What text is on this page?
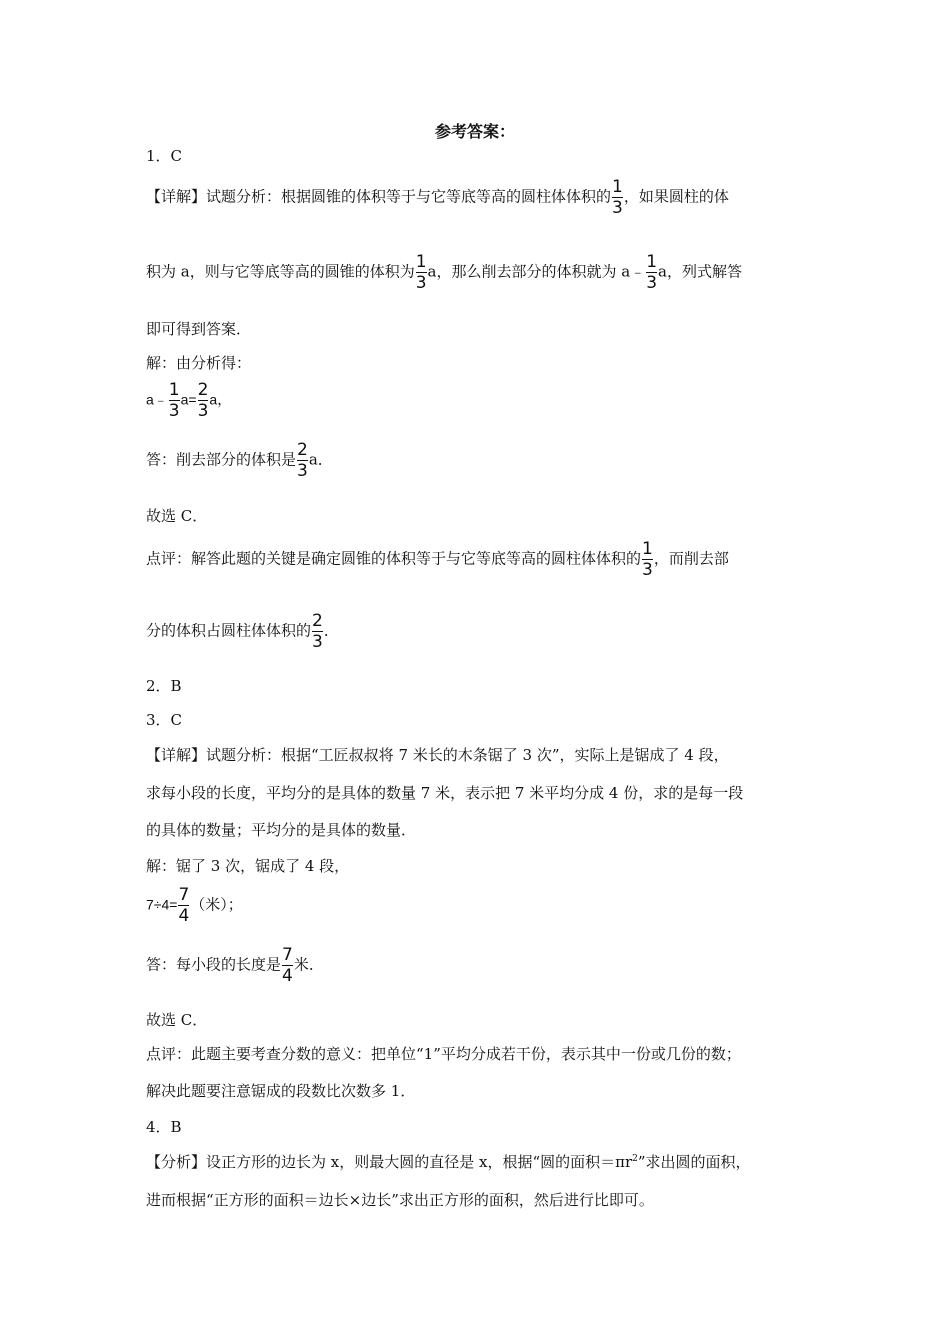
参考答案：
1．C
【详解】试题分析：根据圆锥的体积等于与它等底等高的圆柱体体积的 $\frac{1}{3}$ ，如果圆柱的体
积为 a，则与它等底等高的圆锥的体积为 $\frac{1}{3}$ a，那么削去部分的体积就为 a﹣ $\frac{1}{3}$ a，列式解答
即可得到答案．
解：由分析得：
a﹣ $\frac{1}{3} a= \frac{2}{3}$ a，
答：削去部分的体积是 $\frac{2}{3}$ a．
故选 C．
点评：解答此题的关键是确定圆锥的体积等于与它等底等高的圆柱体体积的 $\frac{1}{3}$ ，而削去部
分的体积占圆柱体体积的 $\frac{2}{3}$ ．
2．B
3．C
【详解】试题分析：根据“工匠叔叔将 7 米长的木条锯了 3 次”，实际上是锯成了 4 段，
求每小段的长度，平均分的是具体的数量 7 米，表示把 7 米平均分成 4 份，求的是每一段
的具体的数量；平均分的是具体的数量．
解：锯了 3 次，锯成了 4 段，
$7\div 4= \frac{7}{4}$ （米）；
答：每小段的长度是 $\frac{7}{4}$ 米．
故选 C．
点评：此题主要考查分数的意义：把单位“1”平均分成若干份，表示其中一份或几份的数；
解决此题要注意锯成的段数比次数多 1．
4．B
【分析】设正方形的边长为 x，则最大圆的直径是 x，根据“圆的面积$=\pi r^2$”求出圆的面积，
进而根据“正方形的面积＝边长×边长”求出正方形的面积，然后进行比即可。
